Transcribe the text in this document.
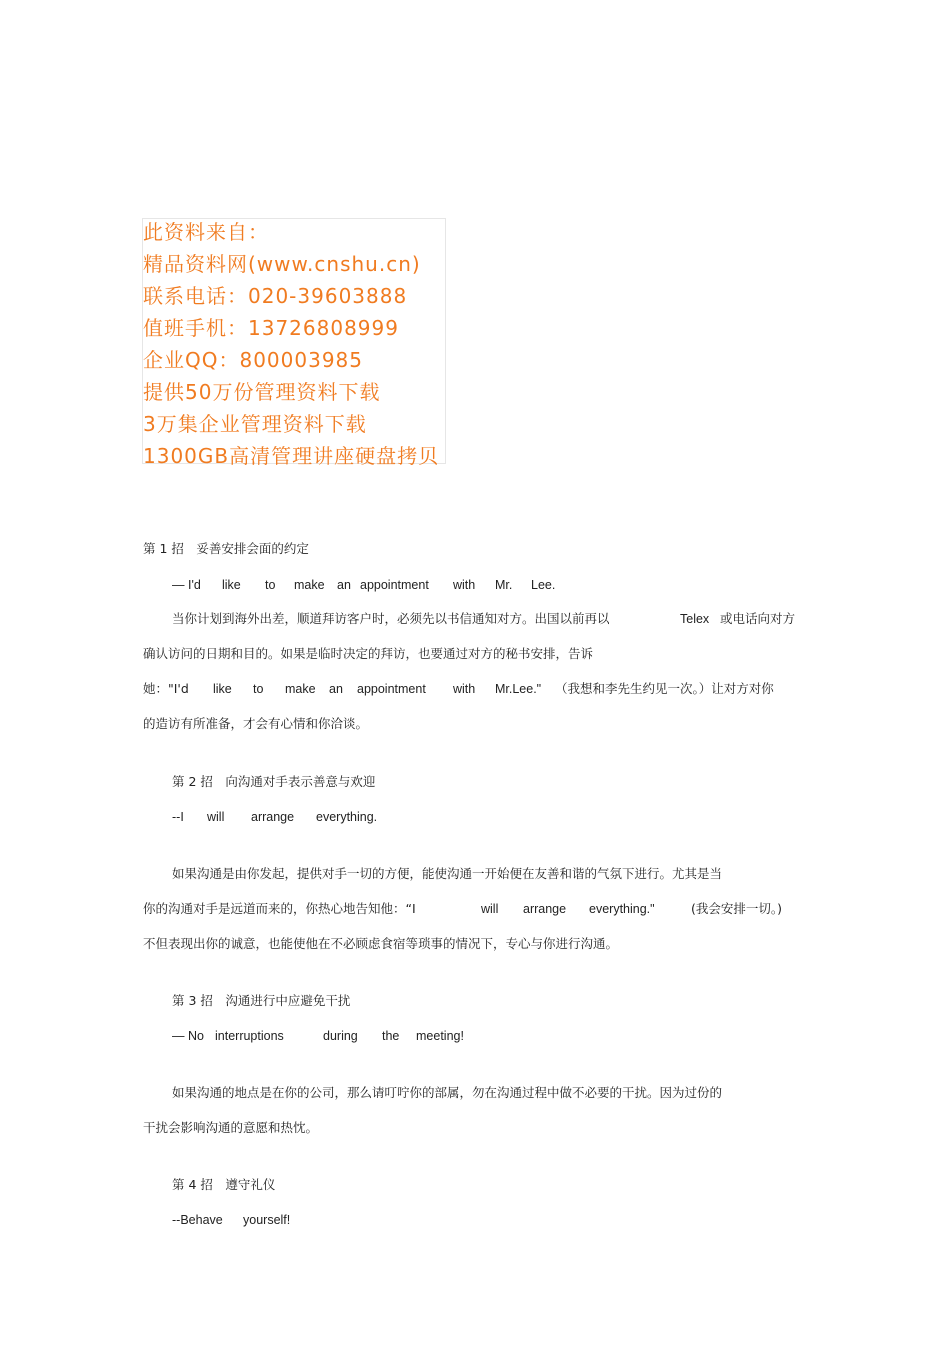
此资料来自：
精品资料网(www.cnshu.cn)
联系电话：020-39603888
值班手机：13726808999
企业QQ：800003985
提供50万份管理资料下载
3万集企业管理资料下载
1300GB高清管理讲座硬盘拷贝
第 1 招　妥善安排会面的约定
— I'd like to make an appointment with Mr. Lee.
当你计划到海外出差，顺道拜访客户时，必须先以书信通知对方。出国以前再以	Telex 或电话向对方
确认访问的日期和目的。如果是临时决定的拜访，也要通过对方的秘书安排，告诉
她："I'd like to make an appointment with Mr.Lee." （我想和李先生约见一次。）让对方对你
的造访有所准备，才会有心情和你洽谈。
第 2 招　向沟通对手表示善意与欢迎
--I will arrange everything.
如果沟通是由你发起，提供对手一切的方便，能使沟通一开始便在友善和谐的气氛下进行。尤其是当
你的沟通对手是远道而来的，你热心地告知他：“I	will arrange everything."	(我会安排一切。)
不但表现出你的诚意，也能使他在不必顾虑食宿等琐事的情况下，专心与你进行沟通。
第 3 招　沟通进行中应避免干扰
— No interruptions	during the meeting!
如果沟通的地点是在你的公司，那么请叮咛你的部属，勿在沟通过程中做不必要的干扰。因为过份的
干扰会影响沟通的意愿和热忱。
第 4 招　遵守礼仪
--Behave yourself!
